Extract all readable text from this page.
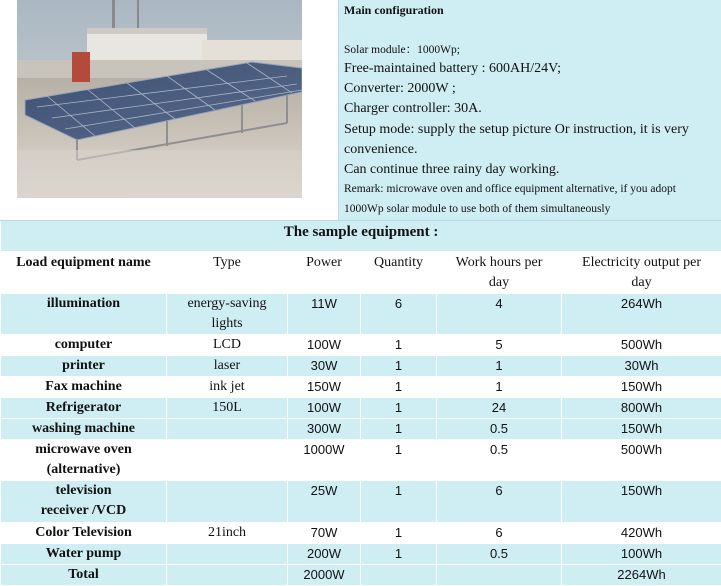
Main configuration
Solar module：1000Wp;
Free-maintained battery : 600AH/24V;
Converter: 2000W ;
Charger controller: 30A.
Setup mode: supply the setup picture Or instruction, it is very
convenience.
Can continue three rainy day working.
Remark: microwave oven and office equipment alternative, if you adopt
1000Wp solar module to use both of them simultaneously
The sample equipment :					
Load equipment name	Type	Power	Quantity	Work hours per
day	Electricity output per
day
illumination	energy-saving
lights	11W	6	4	264Wh
computer	LCD	100W	1	5	500Wh
printer	laser	30W	1	1	30Wh
Fax machine	ink jet	150W	1	1	150Wh
Refrigerator	150L	100W	1	24	800Wh
washing machine		300W	1	0.5	150Wh
microwave oven
(alternative)		1000W	1	0.5	500Wh
television
receiver /VCD		25W	1	6	150Wh
Color Television	21inch	70W	1	6	420Wh
Water pump		200W	1	0.5	100Wh
Total		2000W			2264Wh
